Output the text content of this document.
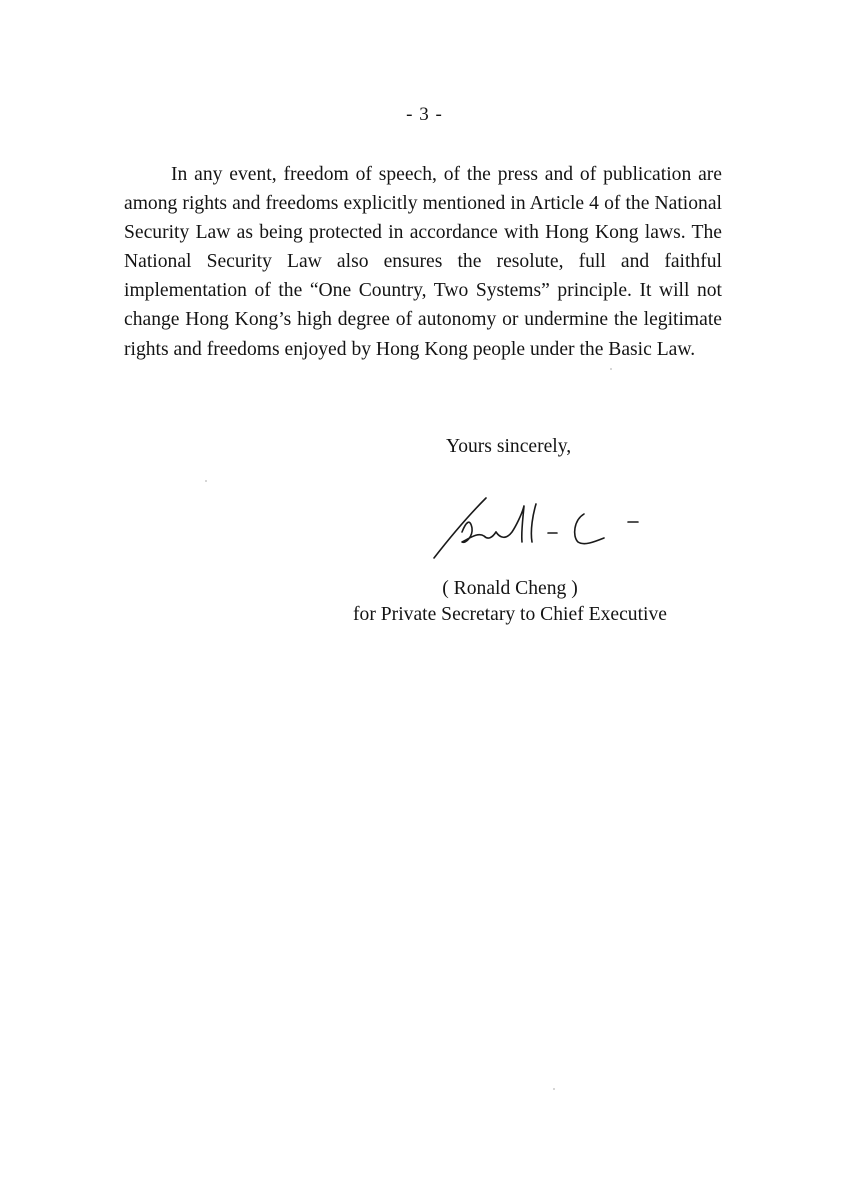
- 3 -

In any event, freedom of speech, of the press and of publication are among rights and freedoms explicitly mentioned in Article 4 of the National Security Law as being protected in accordance with Hong Kong laws. The National Security Law also ensures the resolute, full and faithful implementation of the “One Country, Two Systems” principle. It will not change Hong Kong’s high degree of autonomy or undermine the legitimate rights and freedoms enjoyed by Hong Kong people under the Basic Law.

Yours sincerely,
( Ronald Cheng )
for Private Secretary to Chief Executive
